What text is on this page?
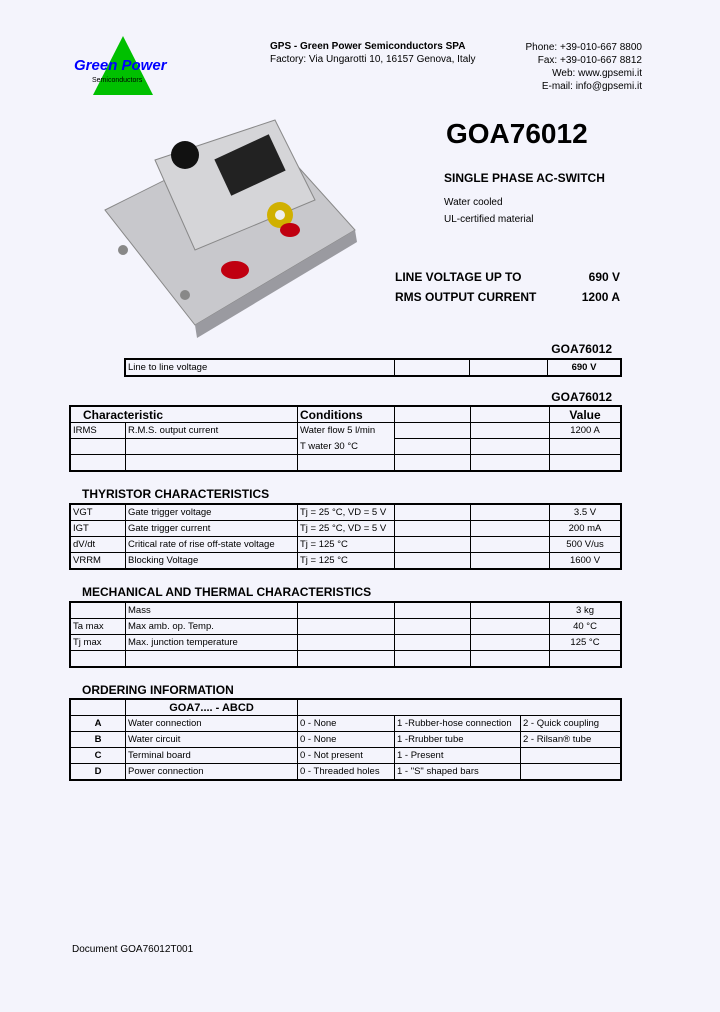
Green Power
Semiconductors
GPS - Green Power Semiconductors SPA
Factory: Via Ungarotti 10, 16157 Genova, Italy
Phone: +39-010-667 8800
Fax: +39-010-667 8812
Web: www.gpsemi.it
E-mail: info@gpsemi.it
GOA76012
SINGLE PHASE AC-SWITCH
Water cooled
UL-certified material
LINE VOLTAGE UP TO	690 V
RMS OUTPUT CURRENT	1200 A
GOA76012
Line to line voltage			690 V
GOA76012
Characteristic		Conditions			Value
IRMS	R.M.S. output current	Water flow 5 l/min			1200 A
		T water 30 °C			

THYRISTOR CHARACTERISTICS
VGT	Gate trigger voltage	Tj = 25 °C, VD = 5 V			3.5 V
IGT	Gate trigger current	Tj = 25 °C, VD = 5 V			200 mA
dV/dt	Critical rate of rise off-state voltage	Tj = 125 °C			500 V/us
VRRM	Blocking Voltage	Tj = 125 °C			1600 V
MECHANICAL AND THERMAL CHARACTERISTICS
	Mass				3 kg
Ta max	Max amb. op. Temp.				40 °C
Tj max	Max. junction temperature				125 °C

ORDERING INFORMATION
	GOA7.... - ABCD			
A	Water connection	0 - None	1 -Rubber-hose connection	2 - Quick coupling
B	Water circuit	0 - None	1 -Rrubber tube	2 - Rilsan® tube
C	Terminal board	0 - Not present	1 - Present	
D	Power connection	0 - Threaded holes	1 - "S" shaped bars	
Document GOA76012T001
